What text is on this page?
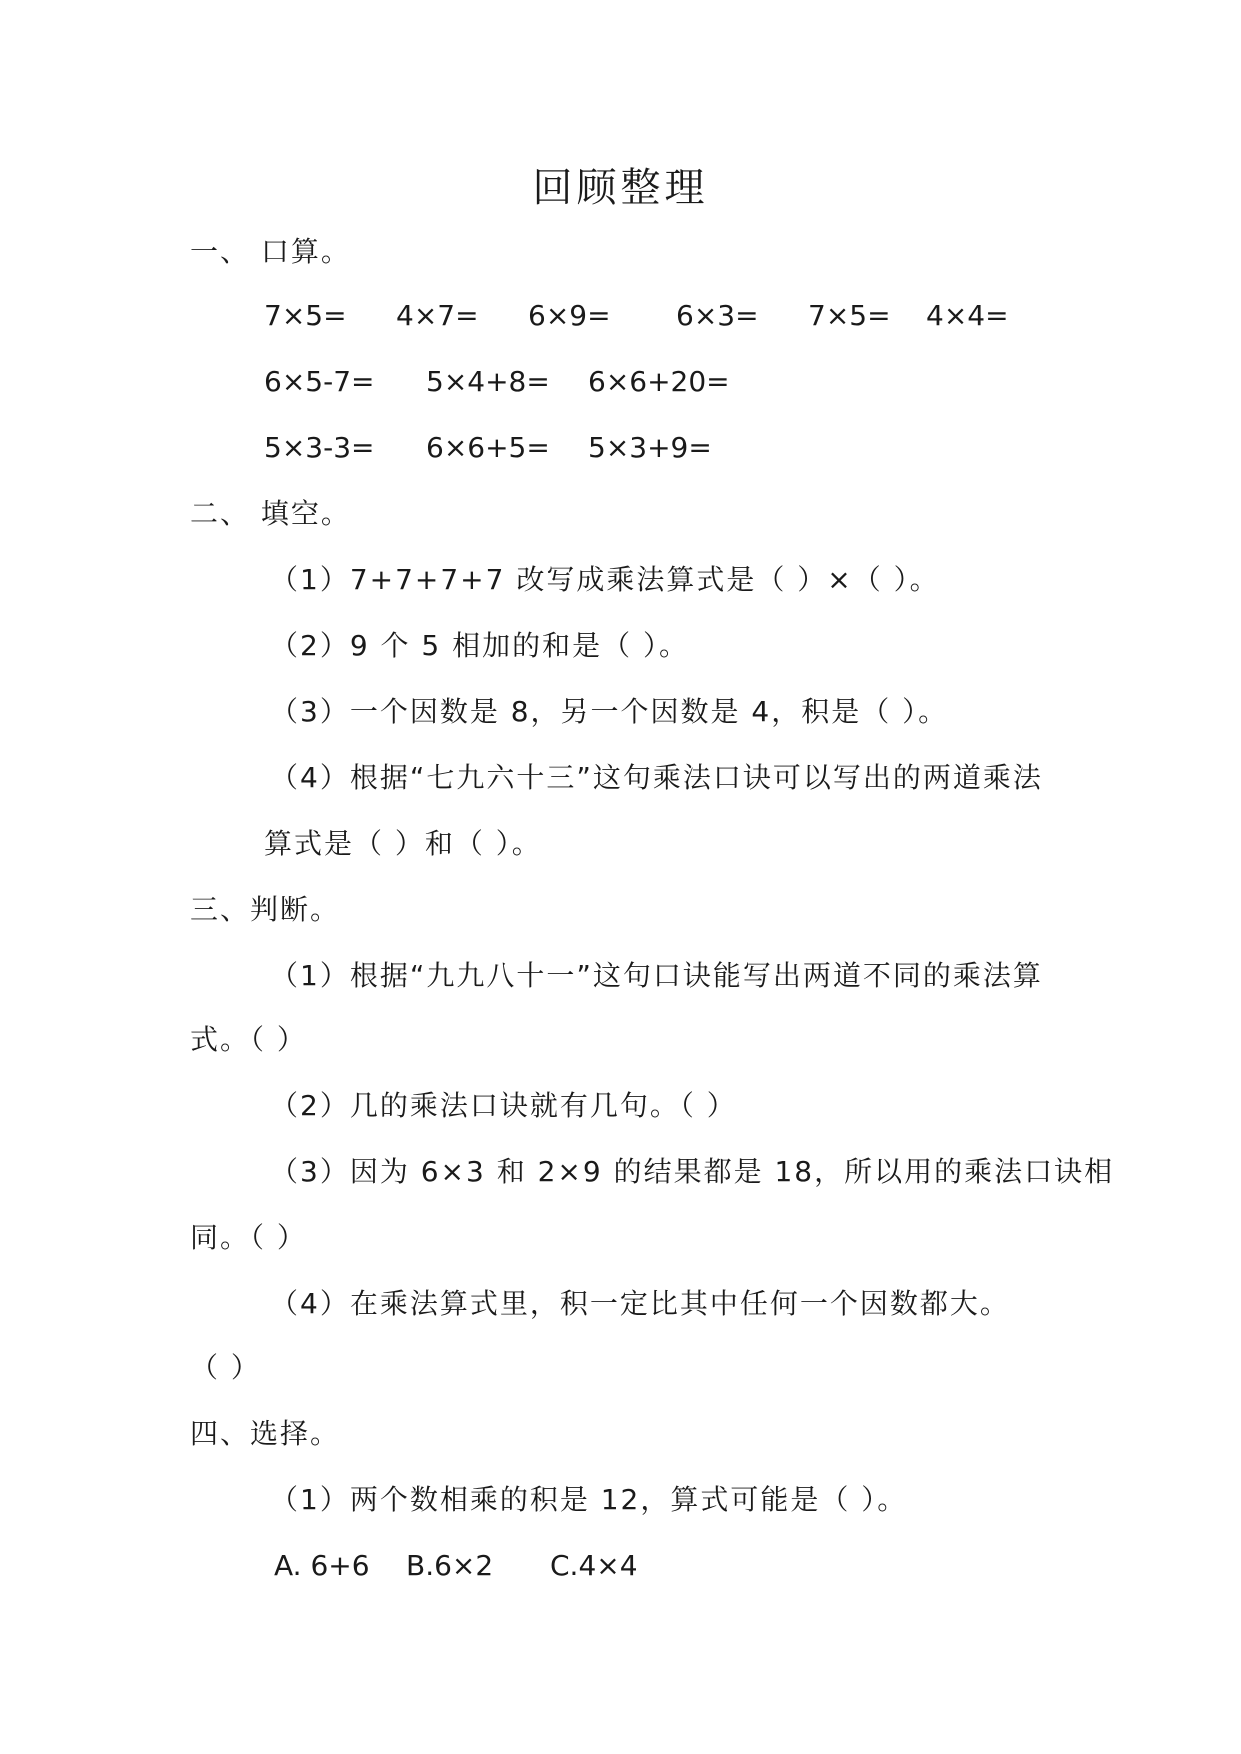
回顾整理
一、 口算。
7×5= 4×7= 6×9= 6×3= 7×5= 4×4=
6×5-7= 5×4+8= 6×6+20=
5×3-3= 6×6+5= 5×3+9=
二、 填空。
（1）7+7+7+7 改写成乘法算式是（ ）×（ ）。
（2）9 个 5 相加的和是（ ）。
（3）一个因数是 8，另一个因数是 4，积是（ ）。
（4）根据“七九六十三”这句乘法口诀可以写出的两道乘法
算式是（ ）和（ ）。
三、判断。
（1）根据“九九八十一”这句口诀能写出两道不同的乘法算
式。（ ）
（2）几的乘法口诀就有几句。（ ）
（3）因为 6×3 和 2×9 的结果都是 18，所以用的乘法口诀相
同。（ ）
（4）在乘法算式里，积一定比其中任何一个因数都大。
（ ）
四、选择。
（1）两个数相乘的积是 12，算式可能是（ ）。
A. 6+6 B.6×2 C.4×4
